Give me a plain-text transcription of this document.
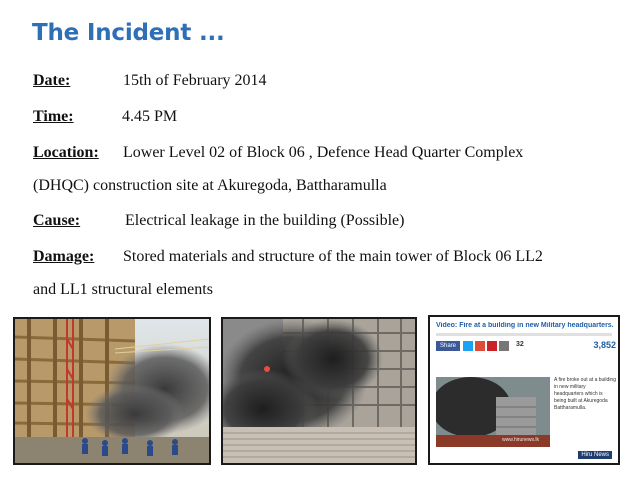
The Incident ...
Date:	15th of February 2014
Time:	4.45 PM
Location: Lower Level 02 of Block 06 , Defence Head Quarter Complex
(DHQC) construction site at Akuregoda, Battharamulla
Cause:	Electrical leakage in the building (Possible)
Damage: Stored materials and structure of the main tower of Block 06 LL2
and LL1 structural elements
Video: Fire at a building in new Military headquarters.
Share	32	3,852
www.hirunews.lk
A fire broke out at a building in new military headquarters which is being built at Akuregoda Battharamulla.
Hiru News
